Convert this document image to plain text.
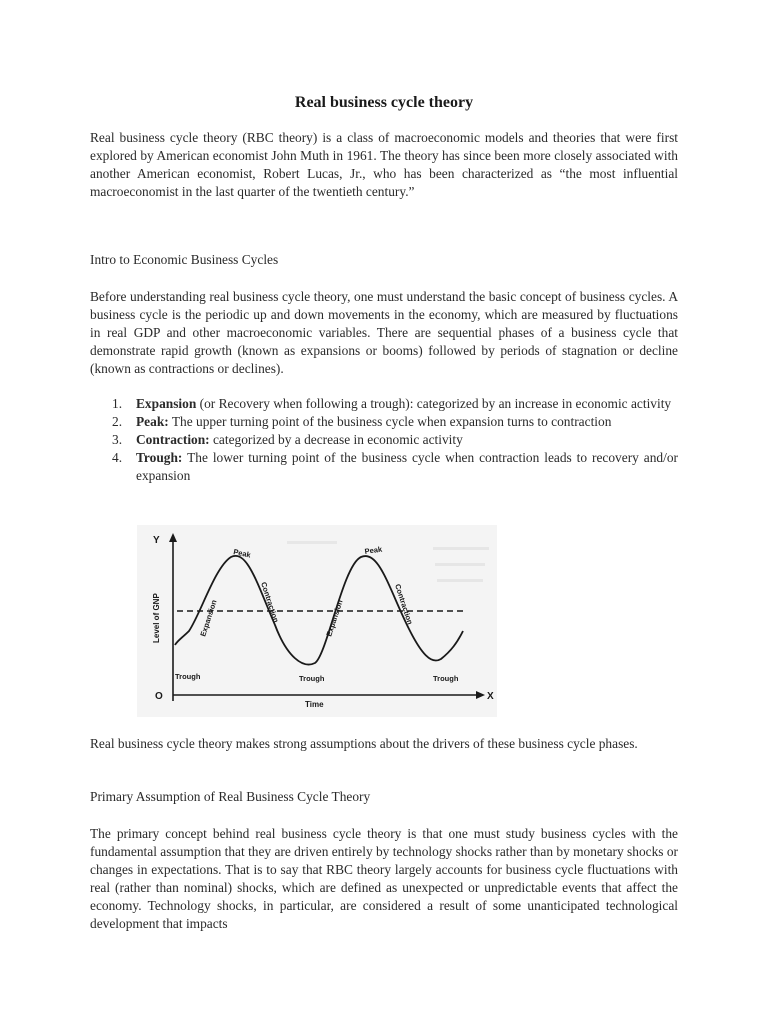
Real business cycle theory

Real business cycle theory (RBC theory) is a class of macroeconomic models and theories that were first explored by American economist John Muth in 1961. The theory has since been more closely associated with another American economist, Robert Lucas, Jr., who has been characterized as “the most influential macroeconomist in the last quarter of the twentieth century.”

Intro to Economic Business Cycles

Before understanding real business cycle theory, one must understand the basic concept of business cycles. A business cycle is the periodic up and down movements in the economy, which are measured by fluctuations in real GDP and other macroeconomic variables. There are sequential phases of a business cycle that demonstrate rapid growth (known as expansions or booms) followed by periods of stagnation or decline (known as contractions or declines).

1. Expansion (or Recovery when following a trough): categorized by an increase in economic activity
2. Peak: The upper turning point of the business cycle when expansion turns to contraction
3. Contraction: categorized by a decrease in economic activity
4. Trough: The lower turning point of the business cycle when contraction leads to recovery and/or expansion
Y
X
O
Time
Level of GNP
Peak	Peak
Trough	Trough	Trough
Expansion	Expansion
Contraction	Contraction

Real business cycle theory makes strong assumptions about the drivers of these business cycle phases.

Primary Assumption of Real Business Cycle Theory

The primary concept behind real business cycle theory is that one must study business cycles with the fundamental assumption that they are driven entirely by technology shocks rather than by monetary shocks or changes in expectations. That is to say that RBC theory largely accounts for business cycle fluctuations with real (rather than nominal) shocks, which are defined as unexpected or unpredictable events that affect the economy. Technology shocks, in particular, are considered a result of some unanticipated technological development that impacts
